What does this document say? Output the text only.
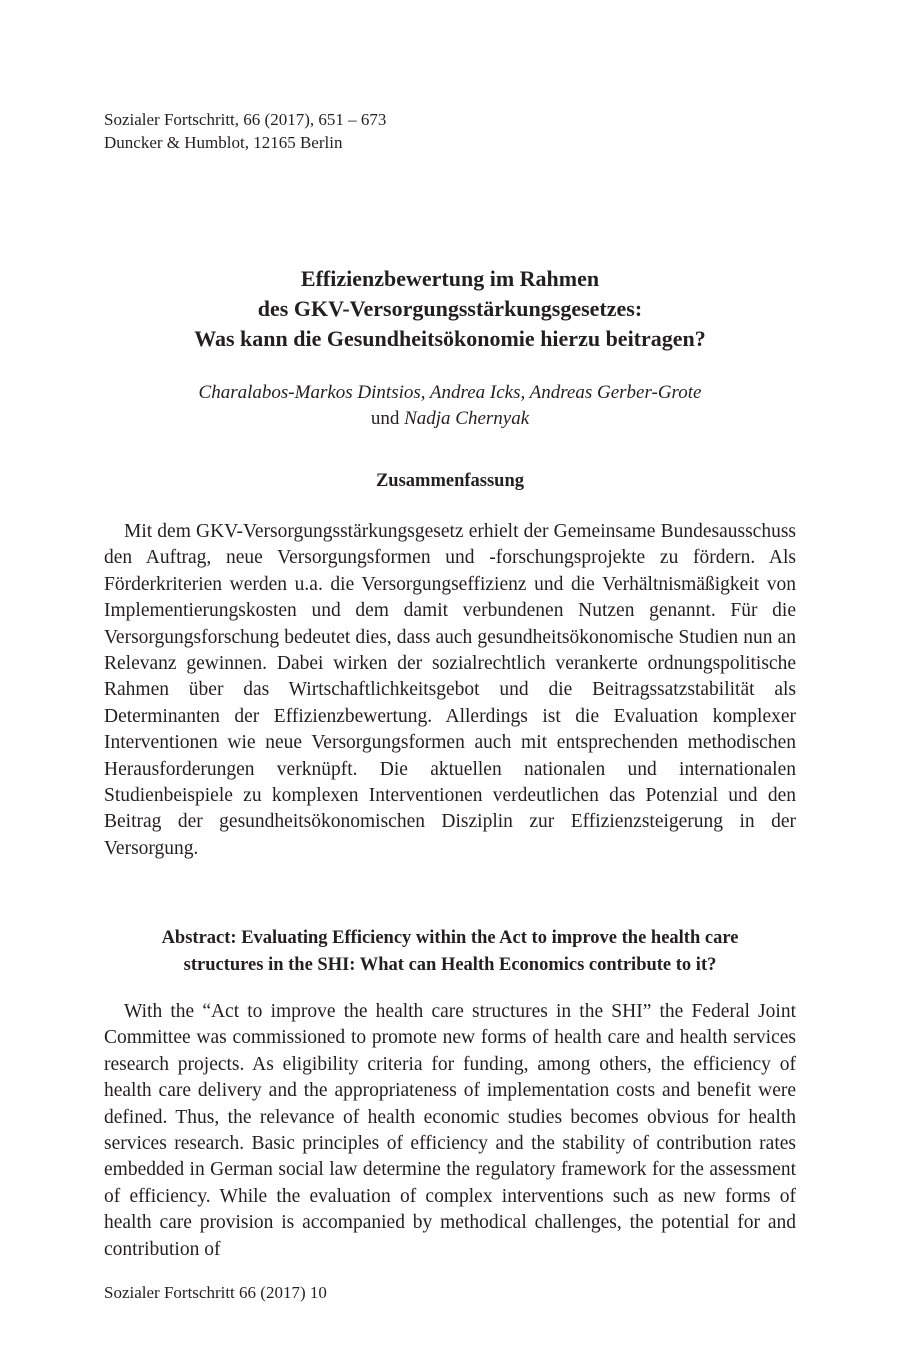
Sozialer Fortschritt, 66 (2017), 651 – 673
Duncker & Humblot, 12165 Berlin
Effizienzbewertung im Rahmen
des GKV-Versorgungsstärkungsgesetzes:
Was kann die Gesundheitsökonomie hierzu beitragen?
Charalabos-Markos Dintsios, Andrea Icks, Andreas Gerber-Grote
und Nadja Chernyak
Zusammenfassung
Mit dem GKV-Versorgungsstärkungsgesetz erhielt der Gemeinsame Bundesausschuss den Auftrag, neue Versorgungsformen und -forschungsprojekte zu fördern. Als Förderkriterien werden u.a. die Versorgungseffizienz und die Verhältnismäßigkeit von Implementierungskosten und dem damit verbundenen Nutzen genannt. Für die Versorgungsforschung bedeutet dies, dass auch gesundheitsökonomische Studien nun an Relevanz gewinnen. Dabei wirken der sozialrechtlich verankerte ordnungspolitische Rahmen über das Wirtschaftlichkeitsgebot und die Beitragssatzstabilität als Determinanten der Effizienzbewertung. Allerdings ist die Evaluation komplexer Interventionen wie neue Versorgungsformen auch mit entsprechenden methodischen Herausforderungen verknüpft. Die aktuellen nationalen und internationalen Studienbeispiele zu komplexen Interventionen verdeutlichen das Potenzial und den Beitrag der gesundheitsökonomischen Disziplin zur Effizienzsteigerung in der Versorgung.
Abstract: Evaluating Efficiency within the Act to improve the health care
structures in the SHI: What can Health Economics contribute to it?
With the “Act to improve the health care structures in the SHI” the Federal Joint Committee was commissioned to promote new forms of health care and health services research projects. As eligibility criteria for funding, among others, the efficiency of health care delivery and the appropriateness of implementation costs and benefit were defined. Thus, the relevance of health economic studies becomes obvious for health services research. Basic principles of efficiency and the stability of contribution rates embedded in German social law determine the regulatory framework for the assessment of efficiency. While the evaluation of complex interventions such as new forms of health care provision is accompanied by methodical challenges, the potential for and contribution of
Sozialer Fortschritt 66 (2017) 10
